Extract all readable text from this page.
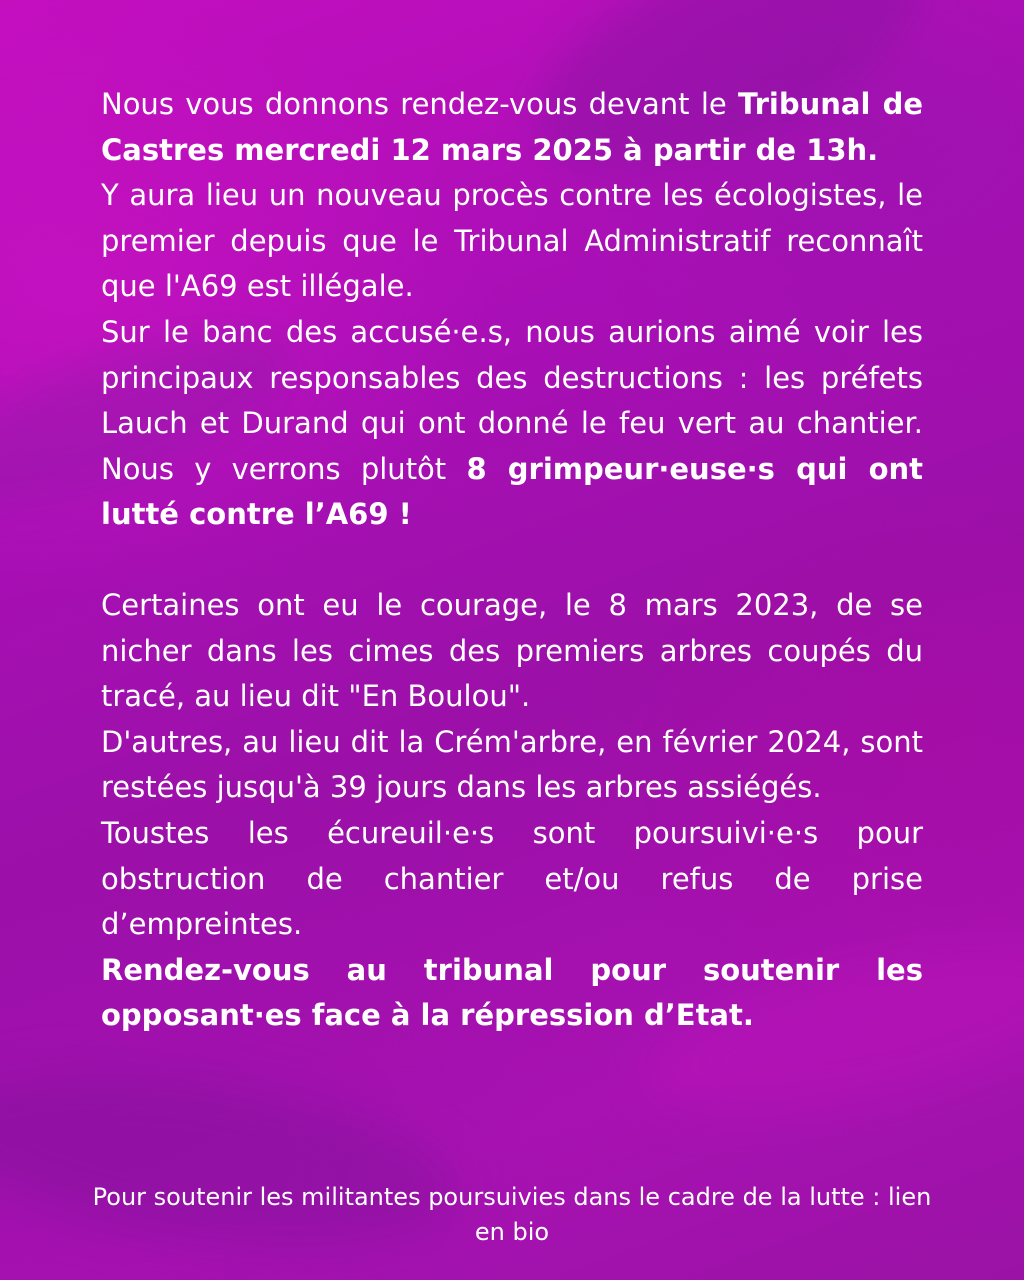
Nous vous donnons rendez-vous devant le Tribunal de Castres mercredi 12 mars 2025 à partir de 13h.

Y aura lieu un nouveau procès contre les écologistes, le premier depuis que le Tribunal Administratif reconnaît que l'A69 est illégale.

Sur le banc des accusé·e.s, nous aurions aimé voir les principaux responsables des destructions : les préfets Lauch et Durand qui ont donné le feu vert au chantier. Nous y verrons plutôt 8 grimpeur·euse·s qui ont lutté contre l’A69 !

Certaines ont eu le courage, le 8 mars 2023, de se nicher dans les cimes des premiers arbres coupés du tracé, au lieu dit "En Boulou".

D'autres, au lieu dit la Crém'arbre, en février 2024, sont restées jusqu'à 39 jours dans les arbres assiégés.

Toustes les écureuil·e·s sont poursuivi·e·s pour obstruction de chantier et/ou refus de prise d’empreintes.

Rendez-vous au tribunal pour soutenir les opposant·es face à la répression d’Etat.

Pour soutenir les militantes poursuivies dans le cadre de la lutte : lien en bio
